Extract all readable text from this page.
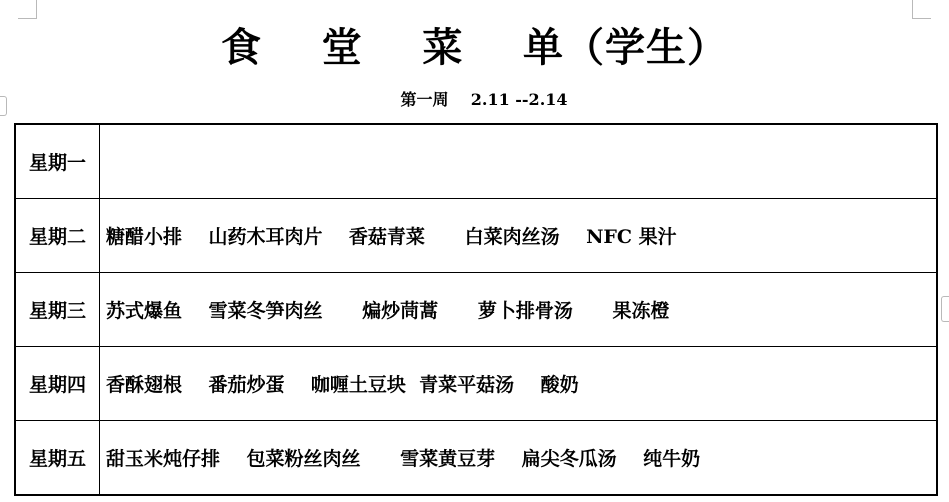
食    堂    菜    单（学生）
第一周    2.11 --2.14
星期一	
星期二	糖醋小排    山药木耳肉片    香菇青菜      白菜肉丝汤    NFC 果汁
星期三	苏式爆鱼    雪菜冬笋肉丝      煸炒茼蒿      萝卜排骨汤      果冻橙
星期四	香酥翅根    番茄炒蛋    咖喱土豆块  青菜平菇汤    酸奶
星期五	甜玉米炖仔排    包菜粉丝肉丝      雪菜黄豆芽    扁尖冬瓜汤    纯牛奶
